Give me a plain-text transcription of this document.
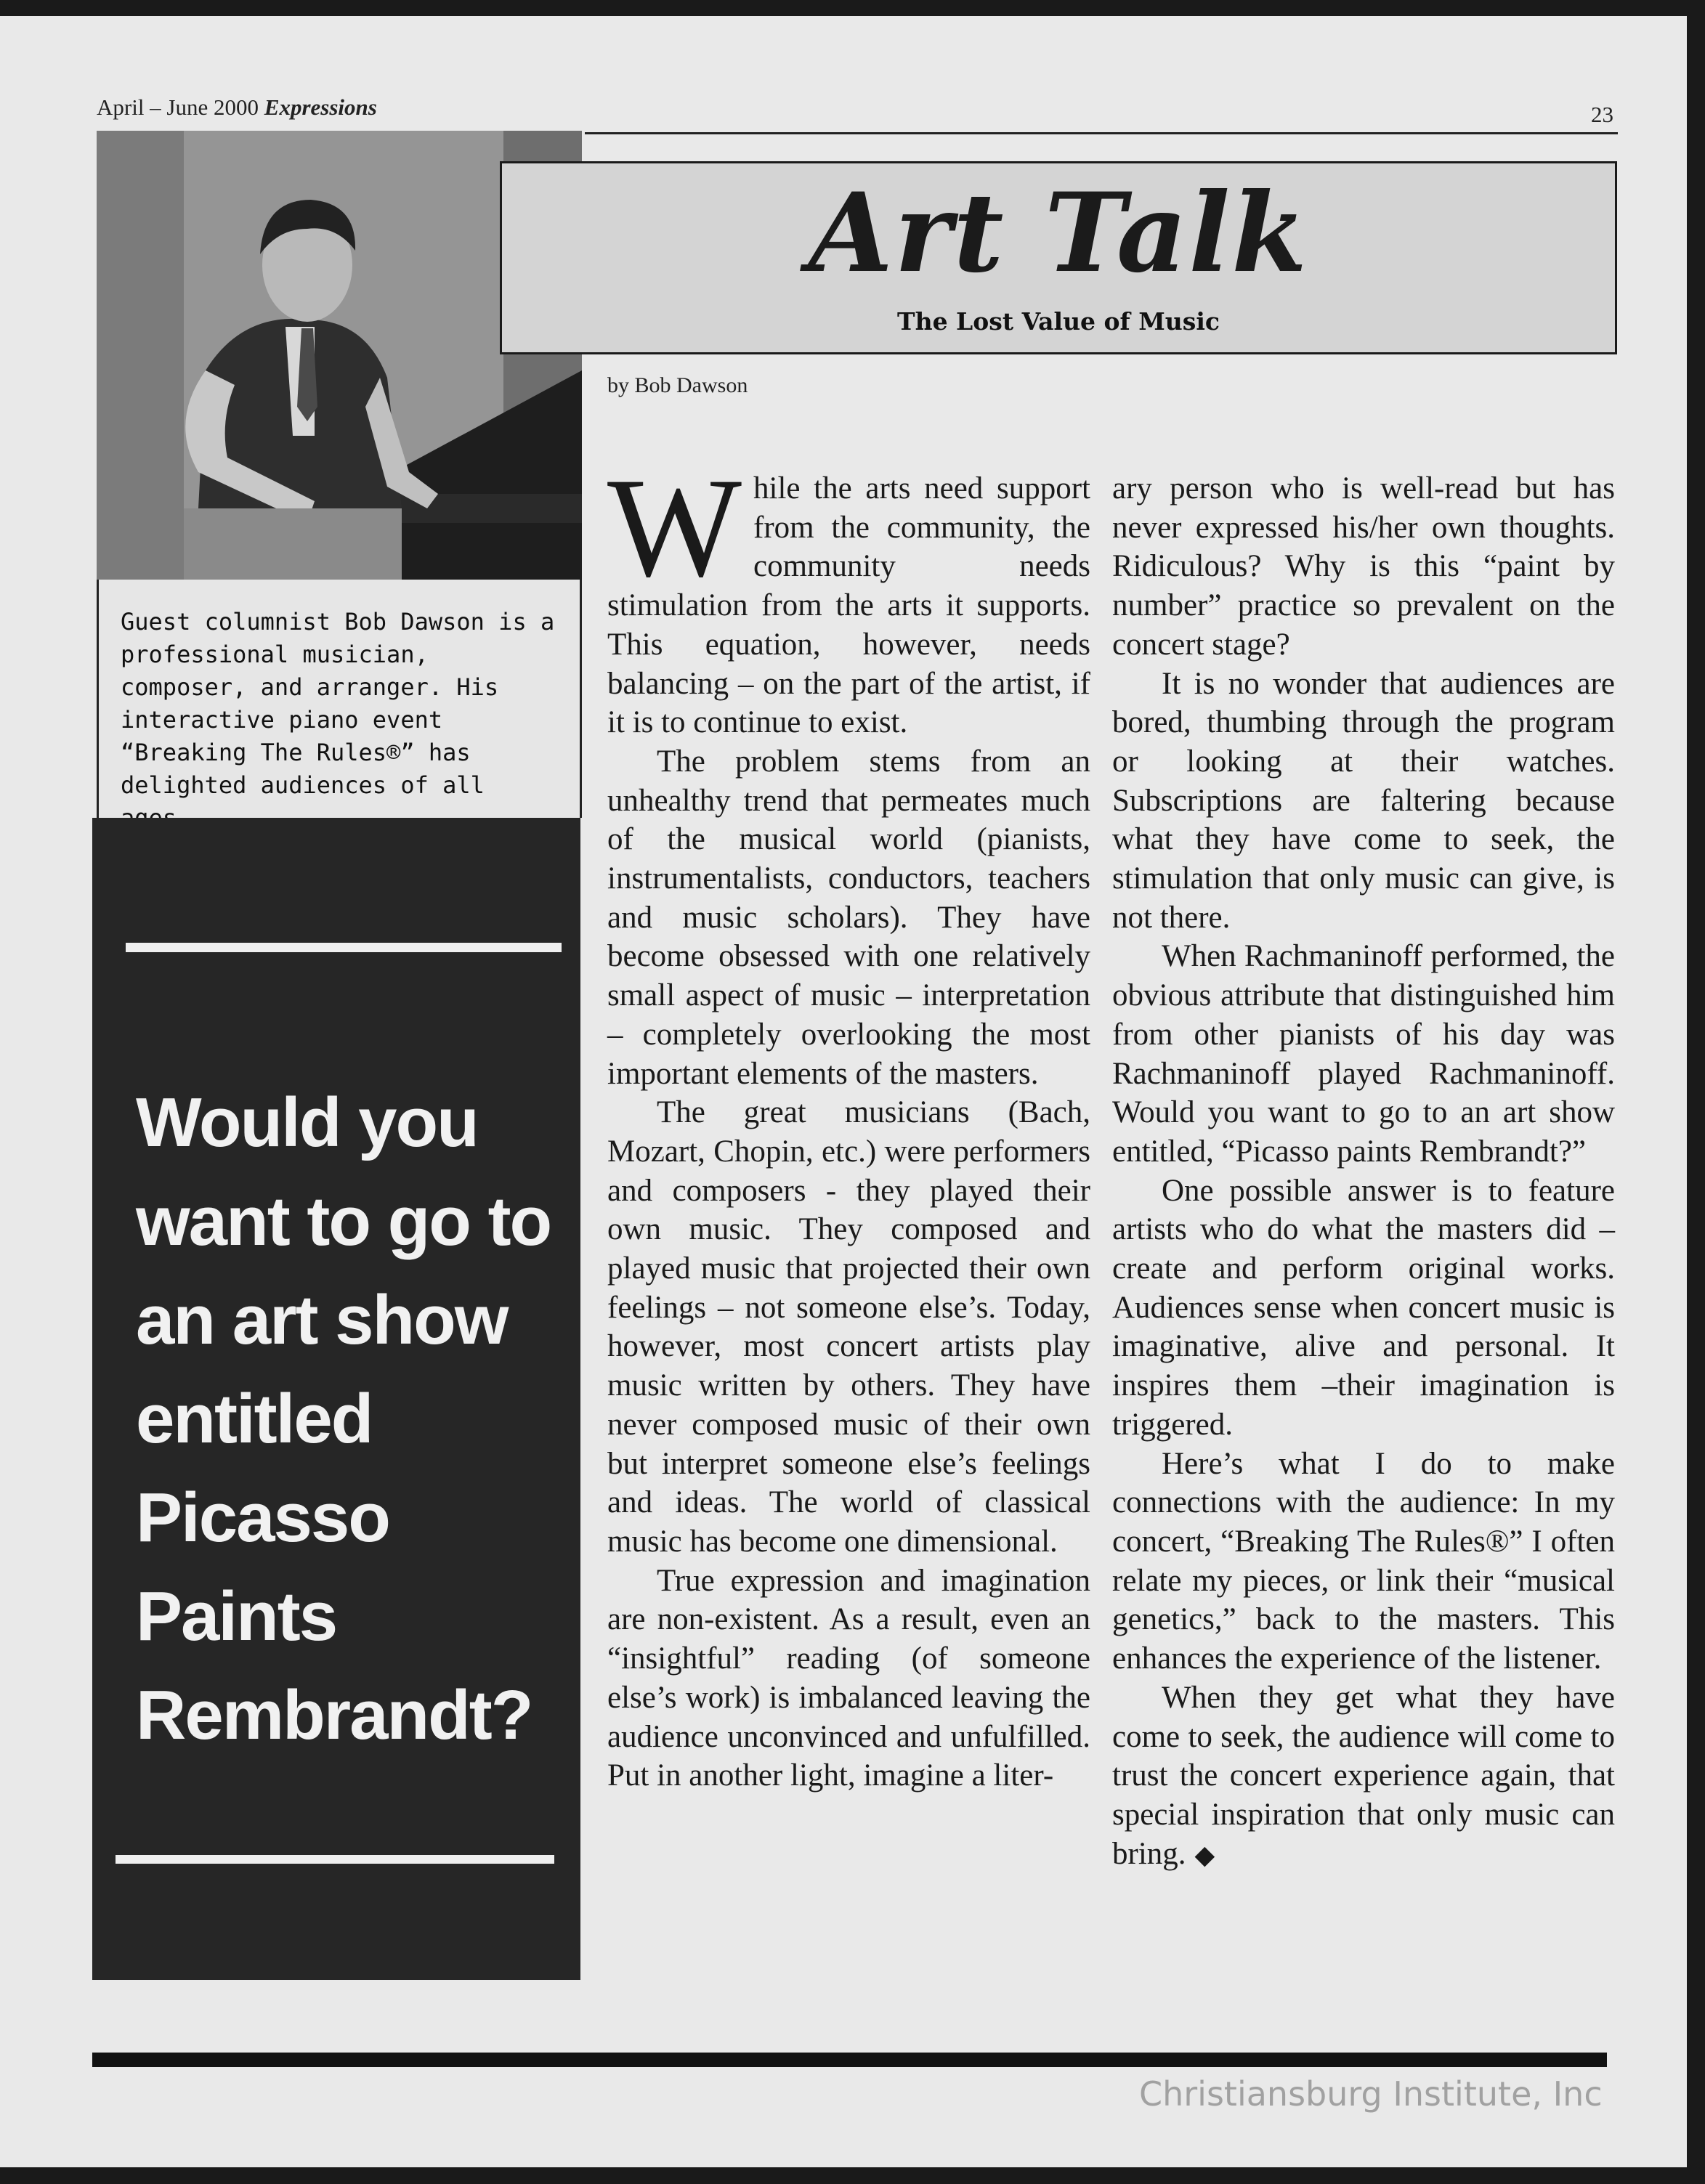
April – June 2000 Expressions	23

Guest columnist Bob Dawson is a professional musician, composer, and arranger. His interactive piano event “Breaking The Rules®” has delighted audiences of all

Would you
want to go to
an art show
entitled
Picasso
Paints
Rembrandt?

Art Talk
The Lost Value of Music
by Bob Dawson

While the arts need support from the community, the community needs stimulation from the arts it supports. This equation, however, needs balancing – on the part of the artist, if it is to continue to exist.

The problem stems from an unhealthy trend that permeates much of the musical world (pianists, instrumentalists, conductors, teachers and music scholars). They have become obsessed with one relatively small aspect of music – interpretation – completely overlooking the most important elements of the masters.

The great musicians (Bach, Mozart, Chopin, etc.) were performers and composers - they played their own music. They composed and played music that projected their own feelings – not someone else’s. Today, however, most concert artists play music written by others. They have never composed music of their own but interpret someone else’s feelings and ideas. The world of classical music has become one dimensional.

True expression and imagination are non-existent. As a result, even an “insightful” reading (of someone else’s work) is imbalanced leaving the audience unconvinced and unfulfilled. Put in another light, imagine a liter-

ary person who is well-read but has never expressed his/her own thoughts. Ridiculous? Why is this “paint by number” practice so prevalent on the concert stage?

It is no wonder that audiences are bored, thumbing through the program or looking at their watches. Subscriptions are faltering because what they have come to seek, the stimulation that only music can give, is not there.

When Rachmaninoff performed, the obvious attribute that distinguished him from other pianists of his day was Rachmaninoff played Rachmaninoff. Would you want to go to an art show entitled, “Picasso paints Rembrandt?”

One possible answer is to feature artists who do what the masters did – create and perform original works. Audiences sense when concert music is imaginative, alive and personal. It inspires them –their imagination is triggered.

Here’s what I do to make connections with the audience: In my concert, “Breaking The Rules®” I often relate my pieces, or link their “musical genetics,” back to the masters. This enhances the experience of the listener.

When they get what they have come to seek, the audience will come to trust the concert experience again, that special inspiration that only music can bring. ◆

Christiansburg Institute, Inc
